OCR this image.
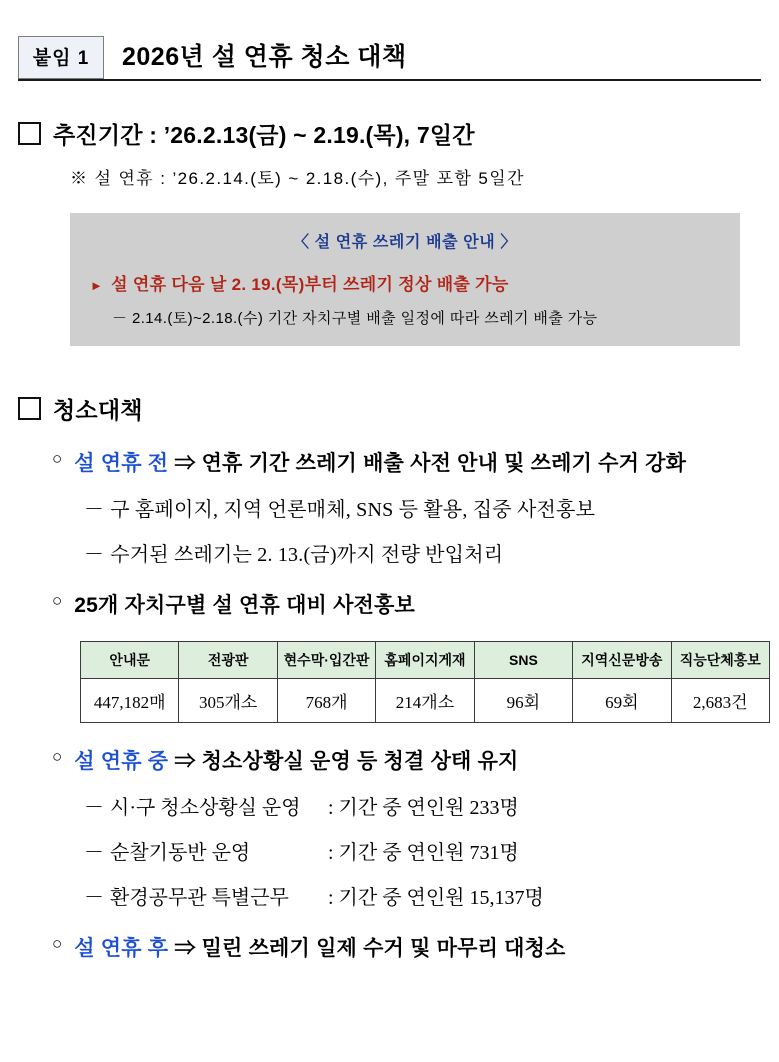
붙임 1	2026년 설 연휴 청소 대책
추진기간 : ’26.2.13(금) ~ 2.19.(목), 7일간
※ 설 연휴 : ’26.2.14.(토) ~ 2.18.(수), 주말 포함 5일간
〈 설 연휴 쓰레기 배출 안내 〉
► 설 연휴 다음 날 2. 19.(목)부터 쓰레기 정상 배출 가능
－ 2.14.(토)~2.18.(수) 기간 자치구별 배출 일정에 따라 쓰레기 배출 가능
청소대책
○ 설 연휴 전 ⇒ 연휴 기간 쓰레기 배출 사전 안내 및 쓰레기 수거 강화
－ 구 홈페이지, 지역 언론매체, SNS 등 활용, 집중 사전홍보
－ 수거된 쓰레기는 2. 13.(금)까지 전량 반입처리
○ 25개 자치구별 설 연휴 대비 사전홍보
안내문	전광판	현수막·입간판	홈페이지게재	SNS	지역신문방송	직능단체홍보
447,182매	305개소	768개	214개소	96회	69회	2,683건
○ 설 연휴 중 ⇒ 청소상황실 운영 등 청결 상태 유지
－ 시·구 청소상황실 운영	: 기간 중 연인원 233명
－ 순찰기동반 운영	: 기간 중 연인원 731명
－ 환경공무관 특별근무	: 기간 중 연인원 15,137명
○ 설 연휴 후 ⇒ 밀린 쓰레기 일제 수거 및 마무리 대청소
